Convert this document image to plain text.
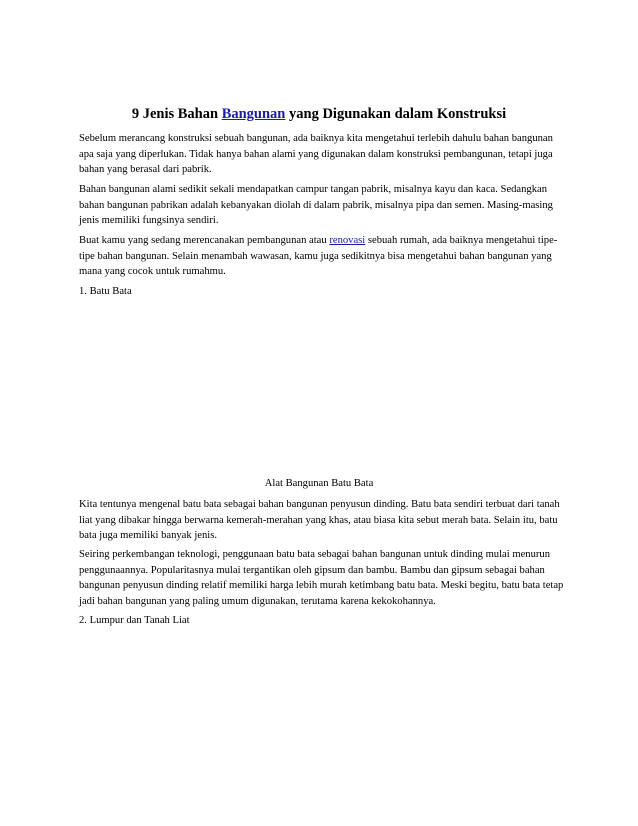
9 Jenis Bahan Bangunan yang Digunakan dalam Konstruksi

Sebelum merancang konstruksi sebuah bangunan, ada baiknya kita mengetahui terlebih dahulu bahan bangunan apa saja yang diperlukan. Tidak hanya bahan alami yang digunakan dalam konstruksi pembangunan, tetapi juga bahan yang berasal dari pabrik.

Bahan bangunan alami sedikit sekali mendapatkan campur tangan pabrik, misalnya kayu dan kaca. Sedangkan bahan bangunan pabrikan adalah kebanyakan diolah di dalam pabrik, misalnya pipa dan semen. Masing-masing jenis memiliki fungsinya sendiri.

Buat kamu yang sedang merencanakan pembangunan atau renovasi sebuah rumah, ada baiknya mengetahui tipe-tipe bahan bangunan. Selain menambah wawasan, kamu juga sedikitnya bisa mengetahui bahan bangunan yang mana yang cocok untuk rumahmu.

1. Batu Bata
Alat Bangunan Batu Bata

Kita tentunya mengenal batu bata sebagai bahan bangunan penyusun dinding. Batu bata sendiri terbuat dari tanah liat yang dibakar hingga berwarna kemerah-merahan yang khas, atau biasa kita sebut merah bata. Selain itu, batu bata juga memiliki banyak jenis.

Seiring perkembangan teknologi, penggunaan batu bata sebagai bahan bangunan untuk dinding mulai menurun penggunaannya. Popularitasnya mulai tergantikan oleh gipsum dan bambu. Bambu dan gipsum sebagai bahan bangunan penyusun dinding relatif memiliki harga lebih murah ketimbang batu bata. Meski begitu, batu bata tetap jadi bahan bangunan yang paling umum digunakan, terutama karena kekokohannya.

2. Lumpur dan Tanah Liat
